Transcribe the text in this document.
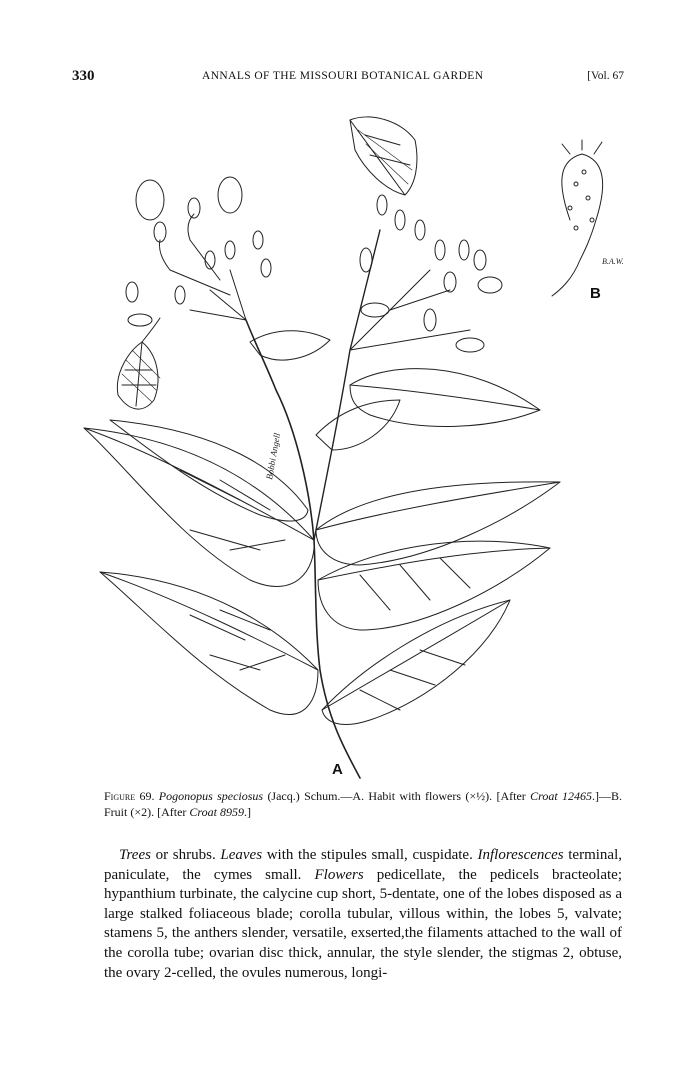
330	ANNALS OF THE MISSOURI BOTANICAL GARDEN	[Vol. 67
Bobbi Angell
B.A.W.
A
B
Figure 69. Pogonopus speciosus (Jacq.) Schum.—A. Habit with flowers (×½). [After Croat 12465.]—B. Fruit (×2). [After Croat 8959.]

 Trees or shrubs. Leaves with the stipules small, cuspidate. Inflorescences terminal, paniculate, the cymes small. Flowers pedicellate, the pedicels bracteolate; hypanthium turbinate, the calycine cup short, 5-dentate, one of the lobes disposed as a large stalked foliaceous blade; corolla tubular, villous within, the lobes 5, valvate; stamens 5, the anthers slender, versatile, exserted,the filaments attached to the wall of the corolla tube; ovarian disc thick, annular, the style slender, the stigmas 2, obtuse, the ovary 2-celled, the ovules numerous, longi-
